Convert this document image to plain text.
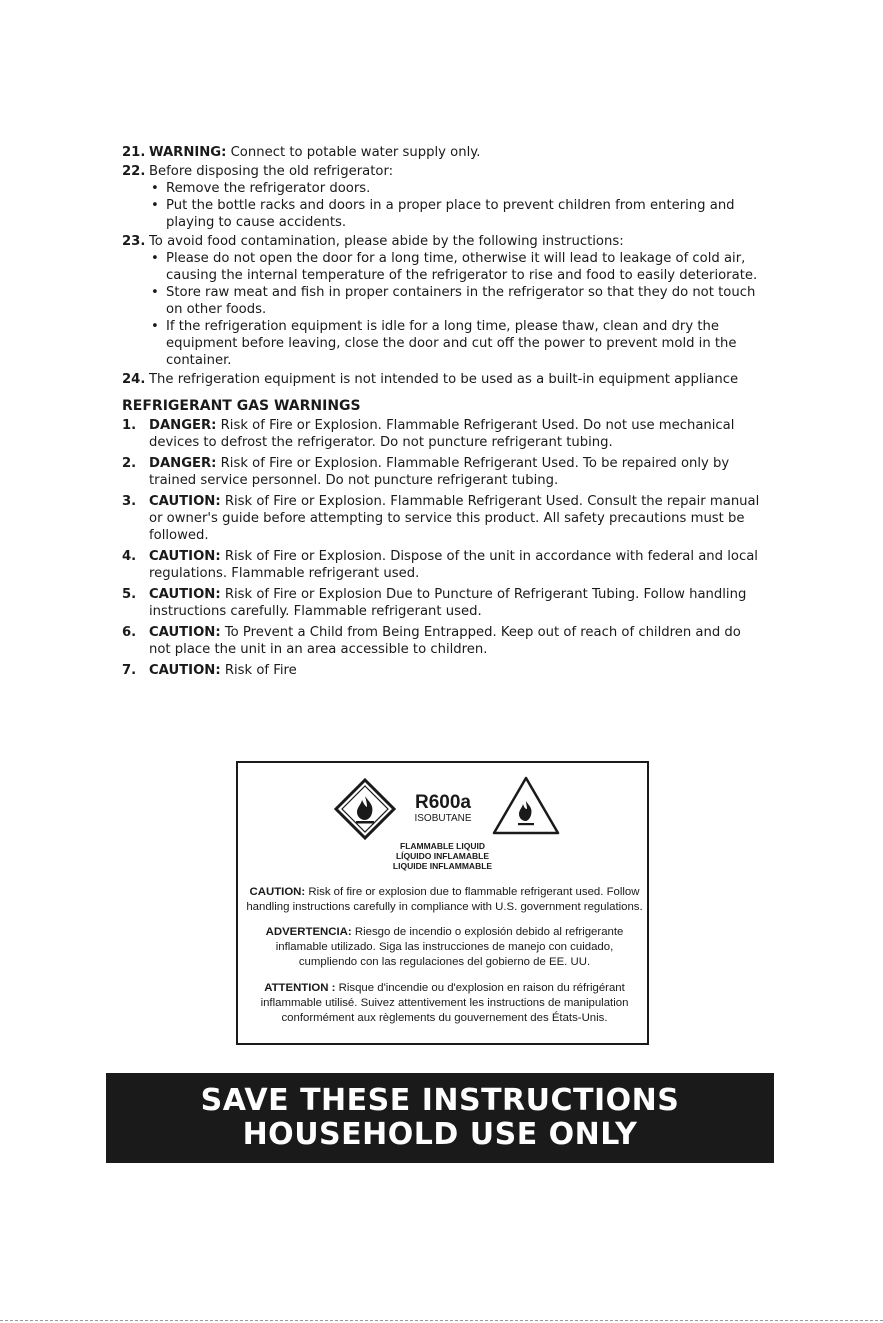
21. WARNING: Connect to potable water supply only.
22. Before disposing the old refrigerator:
• Remove the refrigerator doors.
• Put the bottle racks and doors in a proper place to prevent children from entering and playing to cause accidents.
23. To avoid food contamination, please abide by the following instructions:
• Please do not open the door for a long time, otherwise it will lead to leakage of cold air, causing the internal temperature of the refrigerator to rise and food to easily deteriorate.
• Store raw meat and fish in proper containers in the refrigerator so that they do not touch on other foods.
• If the refrigeration equipment is idle for a long time, please thaw, clean and dry the equipment before leaving, close the door and cut off the power to prevent mold in the container.
24. The refrigeration equipment is not intended to be used as a built-in equipment appliance
REFRIGERANT GAS WARNINGS
1. DANGER: Risk of Fire or Explosion. Flammable Refrigerant Used. Do not use mechanical devices to defrost the refrigerator. Do not puncture refrigerant tubing.
2. DANGER: Risk of Fire or Explosion. Flammable Refrigerant Used. To be repaired only by trained service personnel. Do not puncture refrigerant tubing.
3. CAUTION: Risk of Fire or Explosion. Flammable Refrigerant Used. Consult the repair manual or owner's guide before attempting to service this product. All safety precautions must be followed.
4. CAUTION: Risk of Fire or Explosion. Dispose of the unit in accordance with federal and local regulations. Flammable refrigerant used.
5. CAUTION: Risk of Fire or Explosion Due to Puncture of Refrigerant Tubing. Follow handling instructions carefully. Flammable refrigerant used.
6. CAUTION: To Prevent a Child from Being Entrapped. Keep out of reach of children and do not place the unit in an area accessible to children.
7. CAUTION: Risk of Fire
R600a
ISOBUTANE
FLAMMABLE LIQUID
LÍQUIDO INFLAMABLE
LIQUIDE INFLAMMABLE
CAUTION: Risk of fire or explosion due to flammable refrigerant used. Follow handling instructions carefully in compliance with U.S. government regulations.
ADVERTENCIA: Riesgo de incendio o explosión debido al refrigerante inflamable utilizado. Siga las instrucciones de manejo con cuidado, cumpliendo con las regulaciones del gobierno de EE. UU.
ATTENTION : Risque d'incendie ou d'explosion en raison du réfrigérant inflammable utilisé. Suivez attentivement les instructions de manipulation conformément aux règlements du gouvernement des États-Unis.
SAVE THESE INSTRUCTIONS
HOUSEHOLD USE ONLY
